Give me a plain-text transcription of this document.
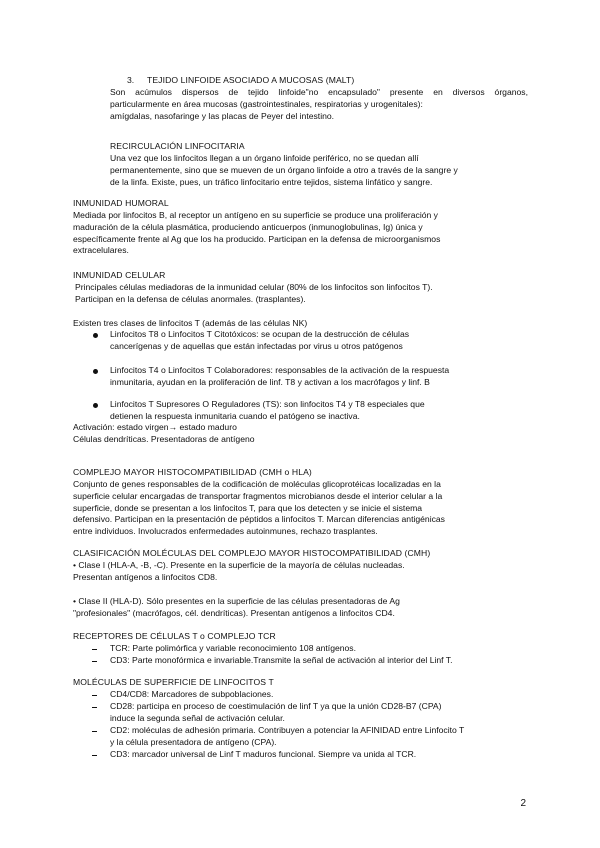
3. TEJIDO LINFOIDE ASOCIADO A MUCOSAS (MALT)
Son acúmulos dispersos de tejido linfoide"no encapsulado" presente en diversos órganos,
particularmente en área mucosas (gastrointestinales, respiratorias y urogenitales):
amígdalas, nasofaringe y las placas de Peyer del intestino.
RECIRCULACIÓN LINFOCITARIA
Una vez que los linfocitos llegan a un órgano linfoide periférico, no se quedan allí
permanentemente, sino que se mueven de un órgano linfoide a otro a través de la sangre y
de la linfa. Existe, pues, un tráfico linfocitario entre tejidos, sistema linfático y sangre.
INMUNIDAD HUMORAL
Mediada por linfocitos B, al receptor un antígeno en su superficie se produce una proliferación y
maduración de la célula plasmática, produciendo anticuerpos (inmunoglobulinas, Ig) única y
específicamente frente al Ag que los ha producido. Participan en la defensa de microorganismos
extracelulares.
INMUNIDAD CELULAR
Principales células mediadoras de la inmunidad celular (80% de los linfocitos son linfocitos T).
Participan en la defensa de células anormales. (trasplantes).
Existen tres clases de linfocitos T (además de las células NK)
Linfocitos T8 o Linfocitos T Citotóxicos: se ocupan de la destrucción de células
cancerígenas y de aquellas que están infectadas por virus u otros patógenos
Linfocitos T4 o Linfocitos T Colaboradores: responsables de la activación de la respuesta
inmunitaria, ayudan en la proliferación de linf. T8 y activan a los macrófagos y linf. B
Linfocitos T Supresores O Reguladores (TS): son linfocitos T4 y T8 especiales que
detienen la respuesta inmunitaria cuando el patógeno se inactiva.
Activación: estado virgen→ estado maduro
Células dendríticas. Presentadoras de antígeno
COMPLEJO MAYOR HISTOCOMPATIBILIDAD (CMH o HLA)
Conjunto de genes responsables de la codificación de moléculas glicoprotéicas localizadas en la
superficie celular encargadas de transportar fragmentos microbianos desde el interior celular a la
superficie, donde se presentan a los linfocitos T, para que los detecten y se inicie el sistema
defensivo. Participan en la presentación de péptidos a linfocitos T. Marcan diferencias antigénicas
entre individuos. Involucrados enfermedades autoinmunes, rechazo trasplantes.
CLASIFICACIÓN MOLÉCULAS DEL COMPLEJO MAYOR HISTOCOMPATIBILIDAD (CMH)
• Clase I (HLA-A, -B, -C). Presente en la superficie de la mayoría de células nucleadas.
Presentan antígenos a linfocitos CD8.
• Clase II (HLA-D). Sólo presentes en la superficie de las células presentadoras de Ag
"profesionales" (macrófagos, cél. dendríticas). Presentan antígenos a linfocitos CD4.
RECEPTORES DE CÉLULAS T o COMPLEJO TCR
TCR: Parte polimórfica y variable reconocimiento 108 antígenos.
CD3: Parte monofórmica e invariable.Transmite la señal de activación al interior del Linf T.
MOLÉCULAS DE SUPERFICIE DE LINFOCITOS T
CD4/CD8: Marcadores de subpoblaciones.
CD28: participa en proceso de coestimulación de linf T ya que la unión CD28-B7 (CPA)
induce la segunda señal de activación celular.
CD2: moléculas de adhesión primaria. Contribuyen a potenciar la AFINIDAD entre Linfocito T
y la célula presentadora de antígeno (CPA).
CD3: marcador universal de Linf T maduros funcional. Siempre va unida al TCR.
2
